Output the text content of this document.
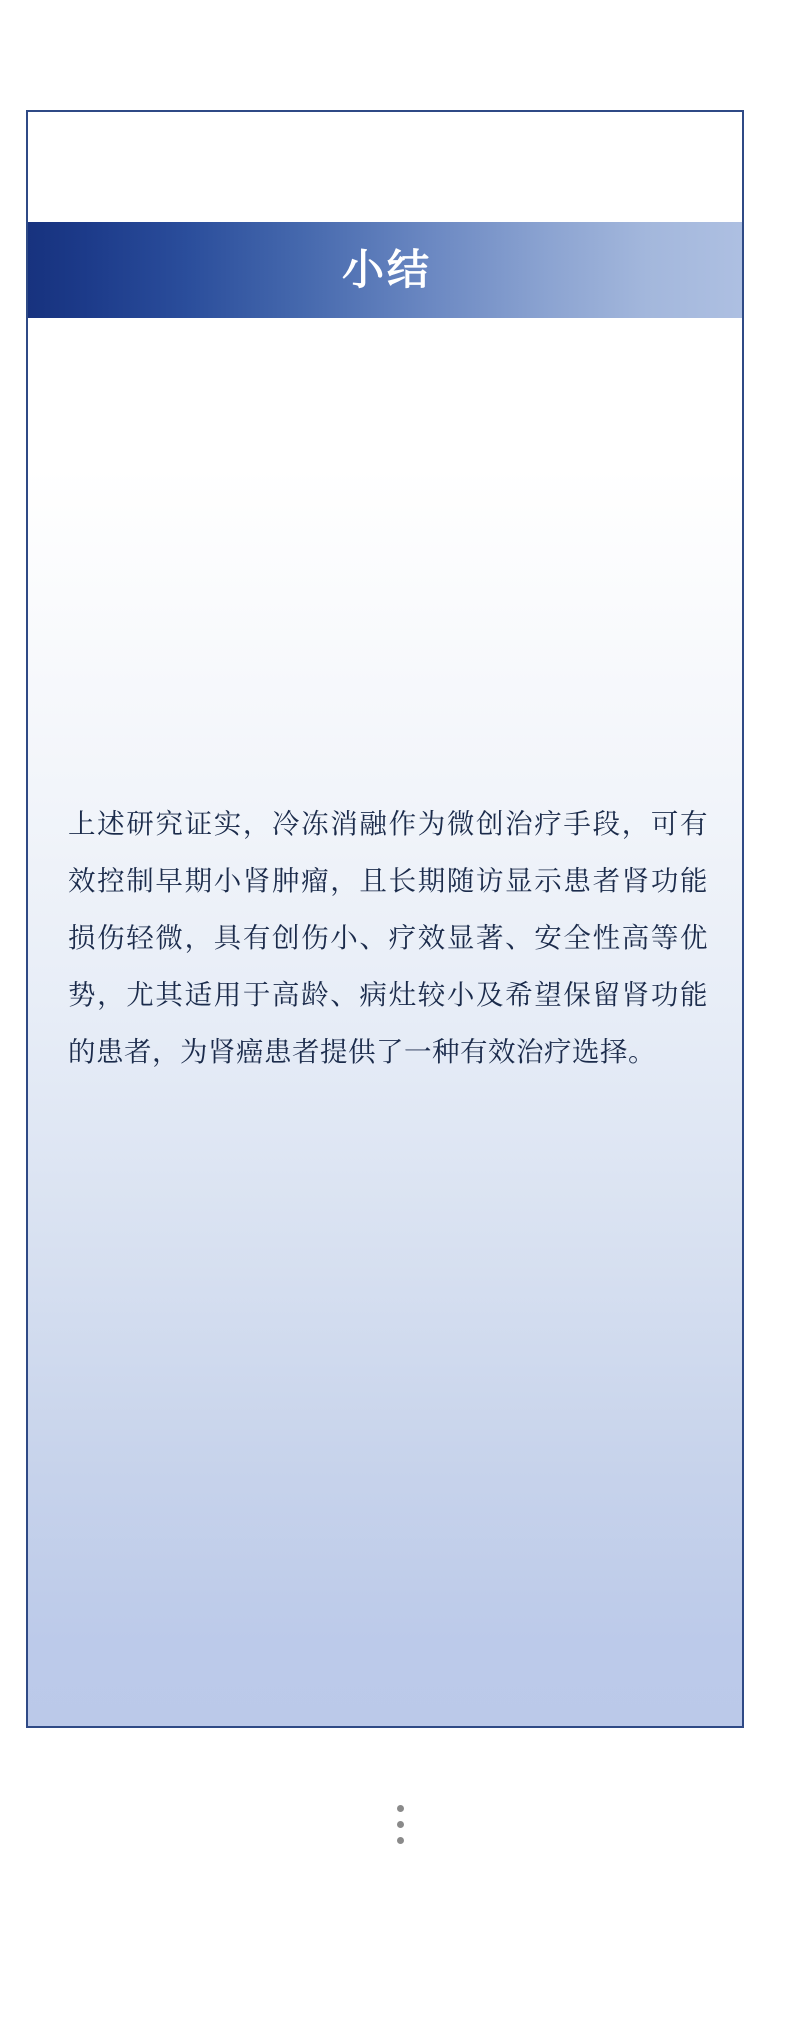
小结

上述研究证实，冷冻消融作为微创治疗手段，可有效控制早期小肾肿瘤，且长期随访显示患者肾功能损伤轻微，具有创伤小、疗效显著、安全性高等优势，尤其适用于高龄、病灶较小及希望保留肾功能的患者，为肾癌患者提供了一种有效治疗选择。
